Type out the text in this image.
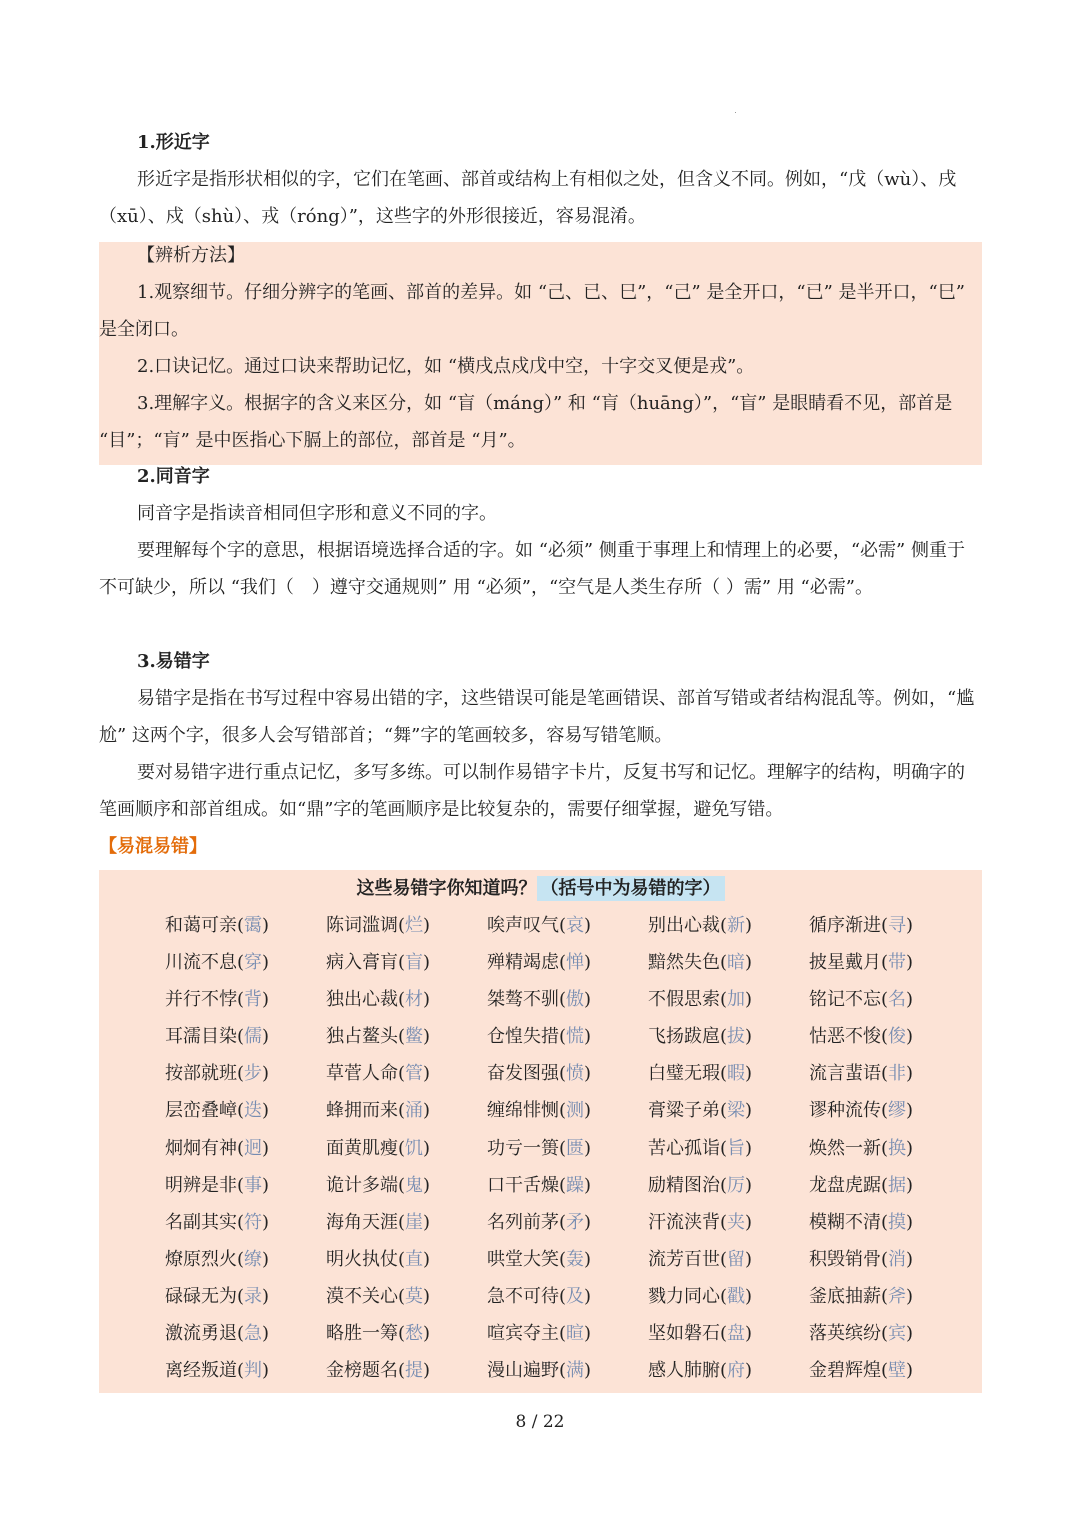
1.形近字

形近字是指形状相似的字，它们在笔画、部首或结构上有相似之处，但含义不同。例如，“戊（wù）、戌（xū）、戍（shù）、戎（róng）”，这些字的外形很接近，容易混淆。

【辨析方法】

1.观察细节。仔细分辨字的笔画、部首的差异。如 “己、已、巳”，“己” 是全开口，“已” 是半开口，“巳” 是全闭口。

2.口诀记忆。通过口诀来帮助记忆，如 “横戌点戍戊中空，十字交叉便是戎”。

3.理解字义。根据字的含义来区分，如 “盲（máng）” 和 “肓（huāng）”，“盲” 是眼睛看不见，部首是 “目”；“肓” 是中医指心下膈上的部位，部首是 “月”。

2.同音字

同音字是指读音相同但字形和意义不同的字。

要理解每个字的意思，根据语境选择合适的字。如 “必须” 侧重于事理上和情理上的必要，“必需” 侧重于不可缺少，所以 “我们（　）遵守交通规则” 用 “必须”，“空气是人类生存所（ ）需” 用 “必需”。

3.易错字

易错字是指在书写过程中容易出错的字，这些错误可能是笔画错误、部首写错或者结构混乱等。例如，“尴尬” 这两个字，很多人会写错部首；“舞”字的笔画较多，容易写错笔顺。

要对易错字进行重点记忆，多写多练。可以制作易错字卡片，反复书写和记忆。理解字的结构，明确字的笔画顺序和部首组成。如“鼎”字的笔画顺序是比较复杂的，需要仔细掌握，避免写错。

【易混易错】

这些易错字你知道吗？ （括号中为易错的字）
和蔼可亲(霭)	陈词滥调(烂)	唉声叹气(哀)	别出心裁(新)	循序渐进(寻)
川流不息(穿)	病入膏肓(盲)	殚精竭虑(惮)	黯然失色(暗)	披星戴月(带)
并行不悖(背)	独出心裁(材)	桀骜不驯(傲)	不假思索(加)	铭记不忘(名)
耳濡目染(儒)	独占鳌头(鳖)	仓惶失措(慌)	飞扬跋扈(拔)	怙恶不悛(俊)
按部就班(步)	草菅人命(管)	奋发图强(愤)	白璧无瑕(暇)	流言蜚语(非)
层峦叠嶂(迭)	蜂拥而来(涌)	缠绵悱恻(测)	膏粱子弟(梁)	谬种流传(缪)
炯炯有神(迥)	面黄肌瘦(饥)	功亏一篑(匮)	苦心孤诣(旨)	焕然一新(换)
明辨是非(事)	诡计多端(鬼)	口干舌燥(躁)	励精图治(厉)	龙盘虎踞(据)
名副其实(符)	海角天涯(崖)	名列前茅(矛)	汗流浃背(夹)	模糊不清(摸)
燎原烈火(缭)	明火执仗(直)	哄堂大笑(轰)	流芳百世(留)	积毁销骨(消)
碌碌无为(录)	漠不关心(莫)	急不可待(及)	戮力同心(戳)	釜底抽薪(斧)
激流勇退(急)	略胜一筹(愁)	喧宾夺主(暄)	坚如磐石(盘)	落英缤纷(宾)
离经叛道(判)	金榜题名(提)	漫山遍野(满)	感人肺腑(府)	金碧辉煌(壁)
8 / 22
